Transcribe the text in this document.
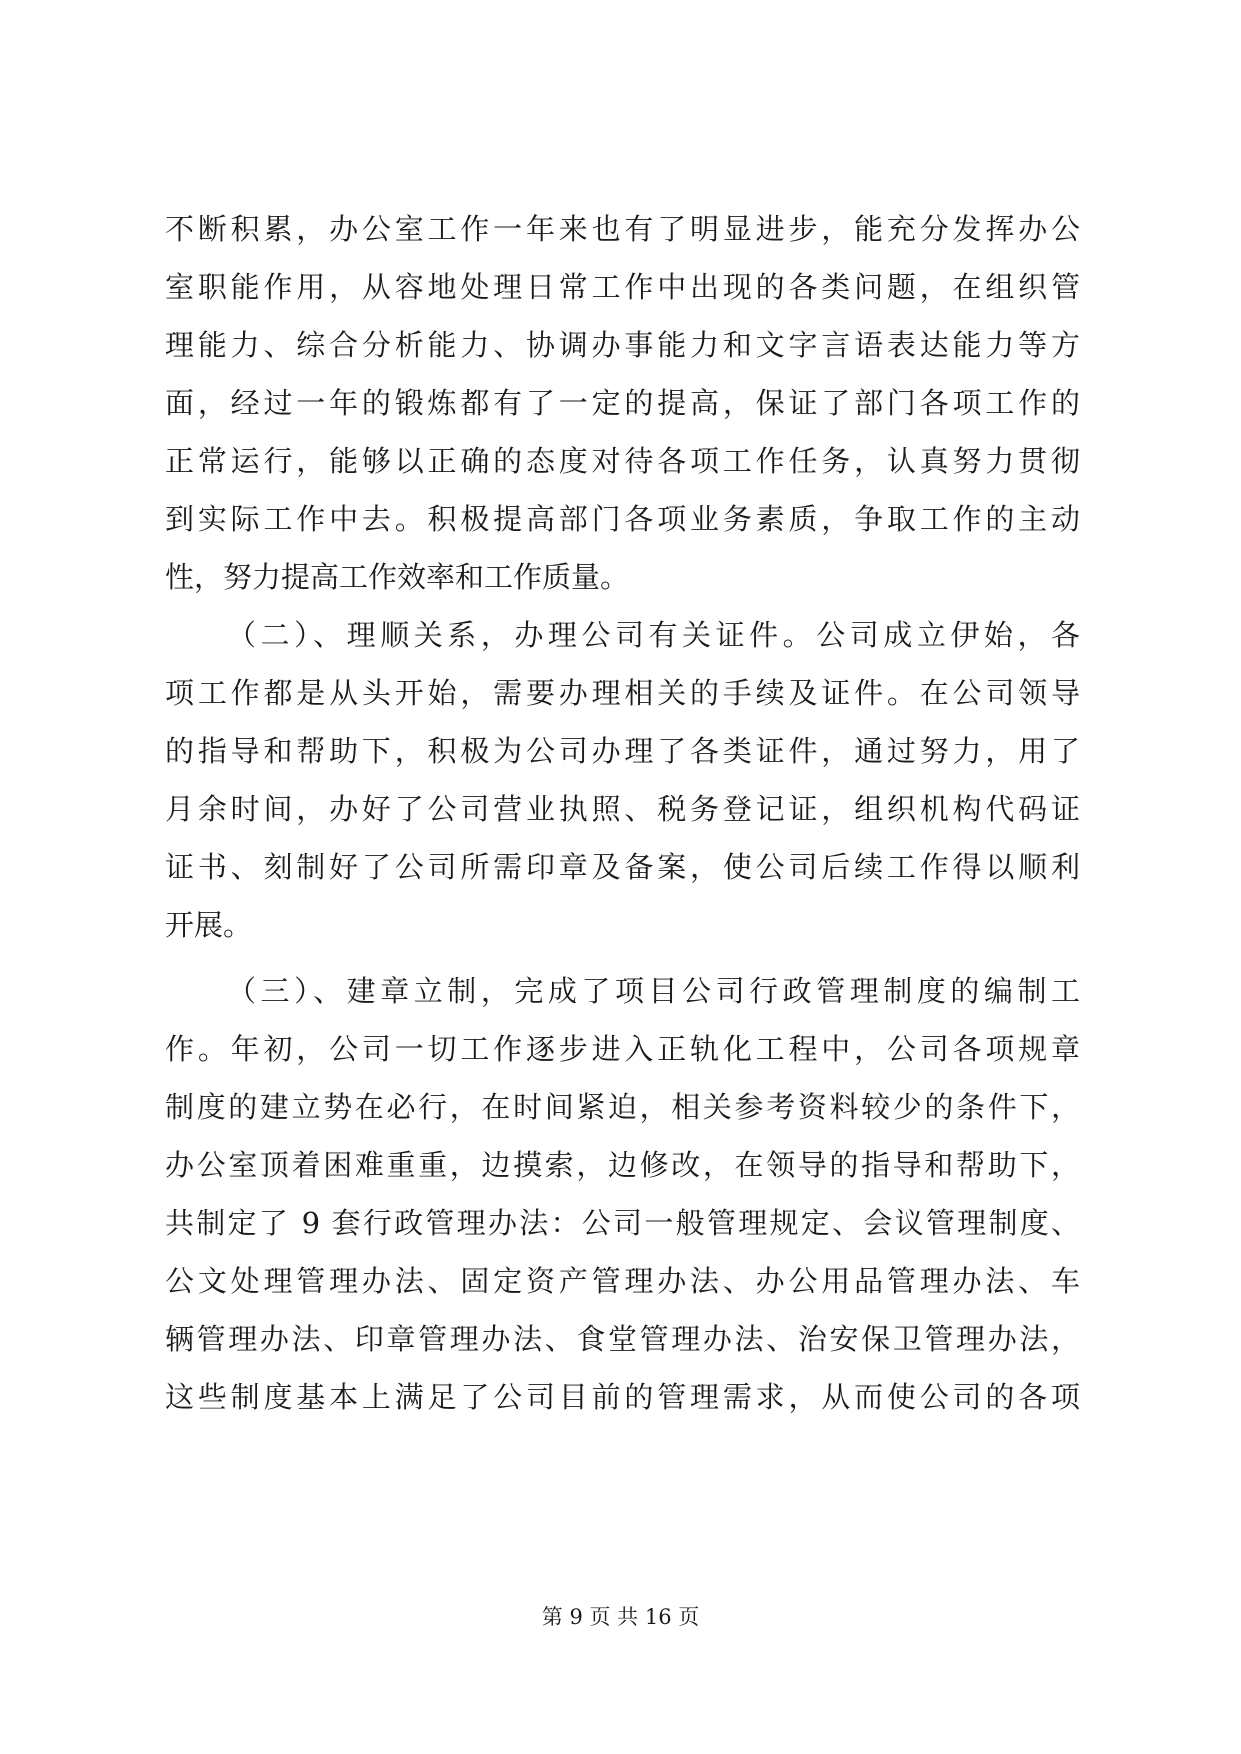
不断积累，办公室工作一年来也有了明显进步，能充分发挥办公
室职能作用，从容地处理日常工作中出现的各类问题，在组织管
理能力、综合分析能力、协调办事能力和文字言语表达能力等方
面，经过一年的锻炼都有了一定的提高，保证了部门各项工作的
正常运行，能够以正确的态度对待各项工作任务，认真努力贯彻
到实际工作中去。积极提高部门各项业务素质，争取工作的主动
性，努力提高工作效率和工作质量。
（二）、理顺关系，办理公司有关证件。公司成立伊始，各
项工作都是从头开始，需要办理相关的手续及证件。在公司领导
的指导和帮助下，积极为公司办理了各类证件，通过努力，用了
月余时间，办好了公司营业执照、税务登记证，组织机构代码证
证书、刻制好了公司所需印章及备案，使公司后续工作得以顺利
开展。
（三）、建章立制，完成了项目公司行政管理制度的编制工
作。年初，公司一切工作逐步进入正轨化工程中，公司各项规章
制度的建立势在必行，在时间紧迫，相关参考资料较少的条件下，
办公室顶着困难重重，边摸索，边修改，在领导的指导和帮助下，
共制定了 9 套行政管理办法：公司一般管理规定、会议管理制度、
公文处理管理办法、固定资产管理办法、办公用品管理办法、车
辆管理办法、印章管理办法、食堂管理办法、治安保卫管理办法，
这些制度基本上满足了公司目前的管理需求，从而使公司的各项
第 9 页 共 16 页
